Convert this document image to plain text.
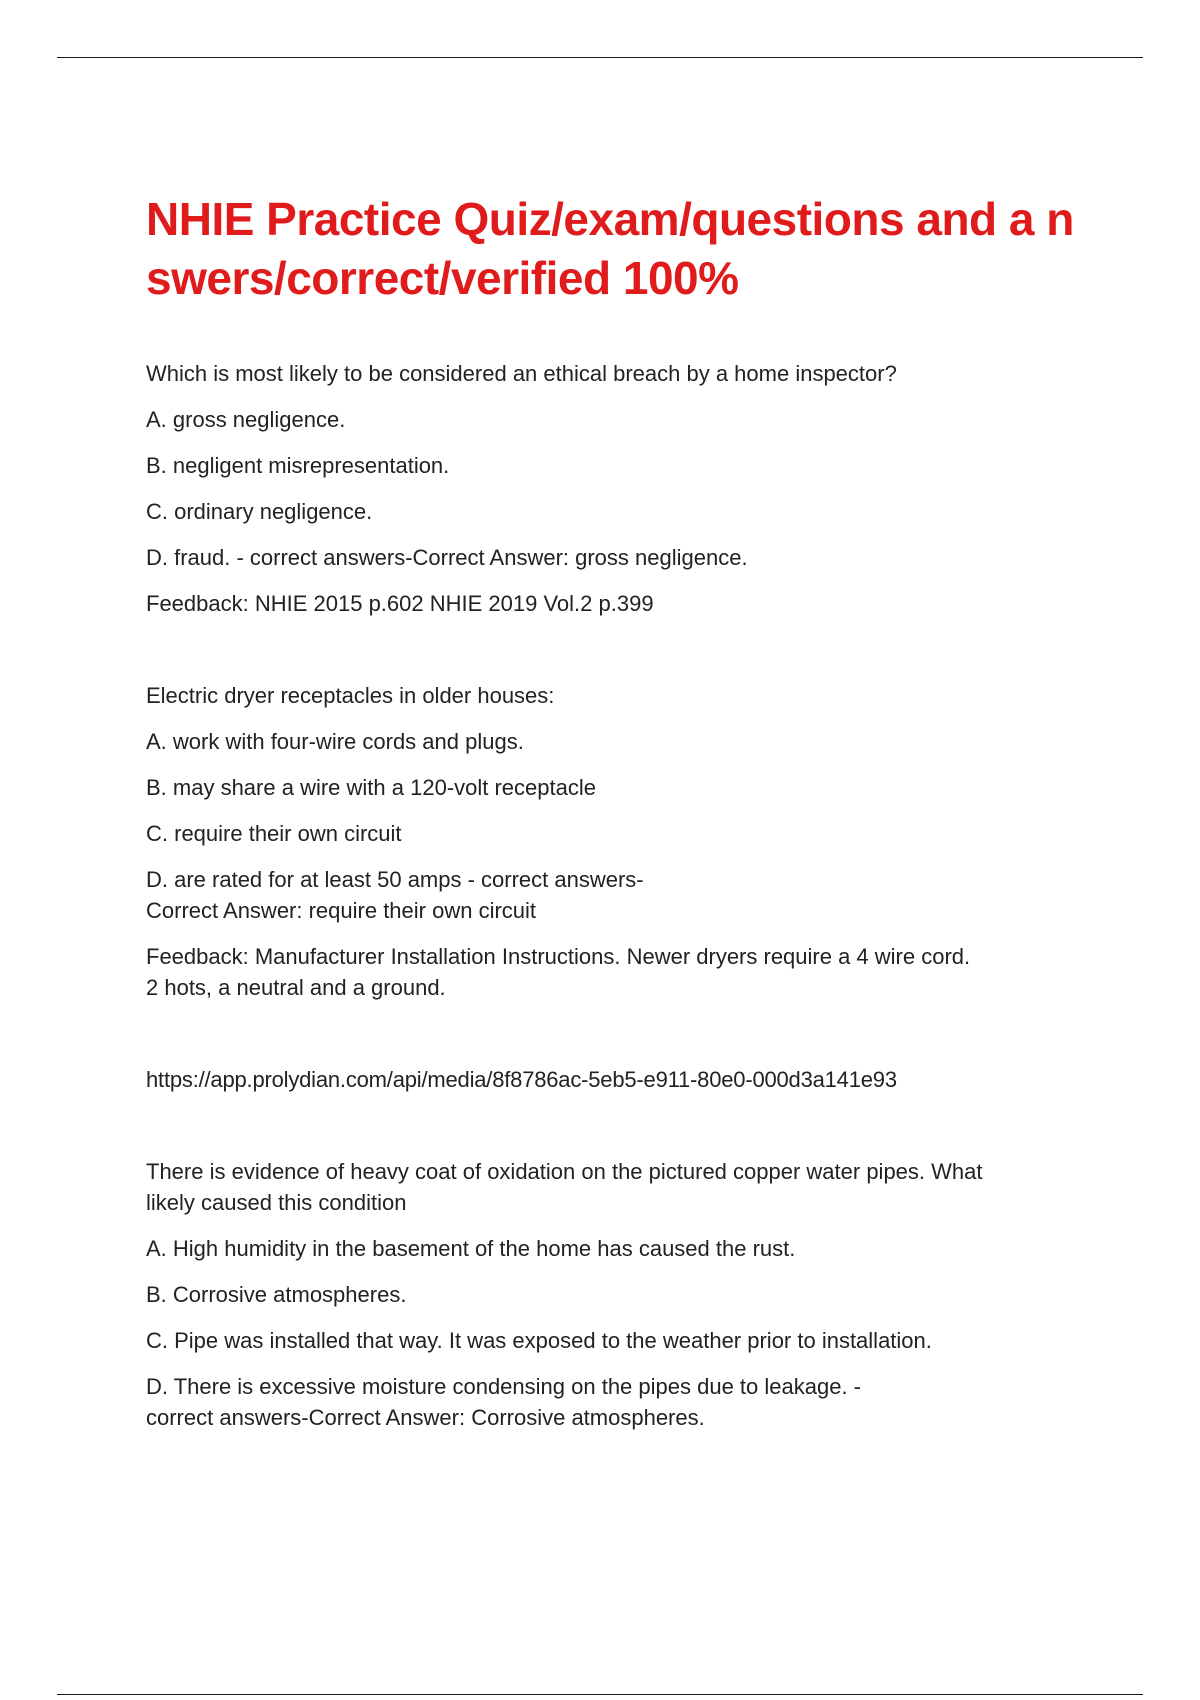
NHIE Practice Quiz/exam/questions and a nswers/correct/verified 100%

Which is most likely to be considered an ethical breach by a home inspector?

A. gross negligence.

B. negligent misrepresentation.

C. ordinary negligence.

D. fraud. - correct answers-Correct Answer: gross negligence.

Feedback: NHIE 2015 p.602 NHIE 2019 Vol.2 p.399

Electric dryer receptacles in older houses:

A. work with four-wire cords and plugs.

B. may share a wire with a 120-volt receptacle

C. require their own circuit

D. are rated for at least 50 amps - correct answers-
Correct Answer: require their own circuit

Feedback: Manufacturer Installation Instructions. Newer dryers require a 4 wire cord.
2 hots, a neutral and a ground.

https://app.prolydian.com/api/media/8f8786ac-5eb5-e911-80e0-000d3a141e93

There is evidence of heavy coat of oxidation on the pictured copper water pipes. What
likely caused this condition

A. High humidity in the basement of the home has caused the rust.

B. Corrosive atmospheres.

C. Pipe was installed that way. It was exposed to the weather prior to installation.

D. There is excessive moisture condensing on the pipes due to leakage. -
correct answers-Correct Answer: Corrosive atmospheres.
